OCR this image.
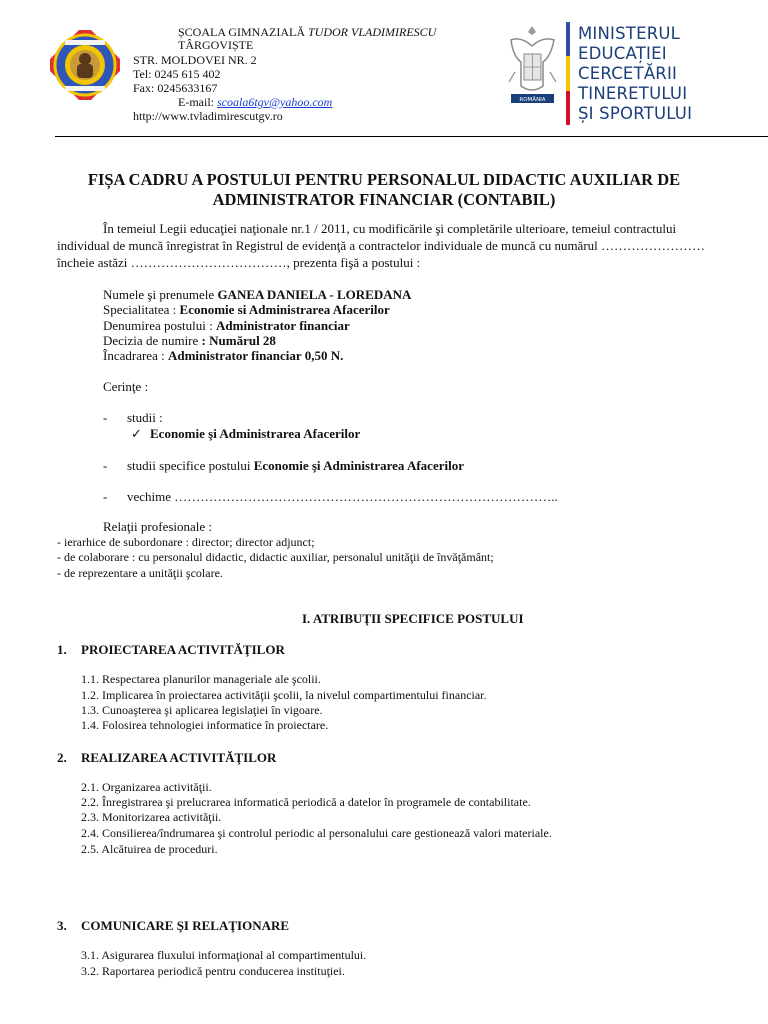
ȘCOALA GIMNAZIALĂ TUDOR VLADIMIRESCU
TÂRGOVIȘTE
STR. MOLDOVEI NR. 2
Tel: 0245 615 402
Fax: 0245633167
E-mail: scoala6tgv@yahoo.com
http://www.tvladimirescutgv.ro
ROMÂNIA
MINISTERUL
EDUCAȚIEI
CERCETĂRII
TINERETULUI
ȘI SPORTULUI
FIȘA CADRU A POSTULUI PENTRU PERSONALUL DIDACTIC AUXILIAR DE
ADMINISTRATOR FINANCIAR (CONTABIL)
În temeiul Legii educaţiei naţionale nr.1 / 2011, cu modificările şi completările ulterioare, temeiul contractului
individual de muncă înregistrat în Registrul de evidenţă a contractelor individuale de muncă cu numărul ……………………
încheie astăzi ………………………………, prezenta fişă a postului :
Numele şi prenumele GANEA DANIELA - LOREDANA
Specialitatea : Economie si Administrarea Afacerilor
Denumirea postului : Administrator financiar
Decizia de numire : Numărul 28
Încadrarea : Administrator financiar 0,50 N.
Cerinţe :
- studii :
✓ Economie şi Administrarea Afacerilor
- studii specifice postului Economie şi Administrarea Afacerilor
- vechime ……………………………………………………………………………..
Relaţii profesionale :
- ierarhice de subordonare : director; director adjunct;
- de colaborare : cu personalul didactic, didactic auxiliar, personalul unităţii de învăţământ;
- de reprezentare a unităţii şcolare.
I. ATRIBUŢII SPECIFICE POSTULUI
1. PROIECTAREA ACTIVITĂŢILOR
1.1. Respectarea planurilor manageriale ale şcolii.
1.2. Implicarea în proiectarea activităţii şcolii, la nivelul compartimentului financiar.
1.3. Cunoaşterea şi aplicarea legislaţiei în vigoare.
1.4. Folosirea tehnologiei informatice în proiectare.
2. REALIZAREA ACTIVITĂŢILOR
2.1. Organizarea activităţii.
2.2. Înregistrarea şi prelucrarea informatică periodică a datelor în programele de contabilitate.
2.3. Monitorizarea activităţii.
2.4. Consilierea/îndrumarea şi controlul periodic al personalului care gestionează valori materiale.
2.5. Alcătuirea de proceduri.
3. COMUNICARE ŞI RELAŢIONARE
3.1. Asigurarea fluxului informaţional al compartimentului.
3.2. Raportarea periodică pentru conducerea instituţiei.
